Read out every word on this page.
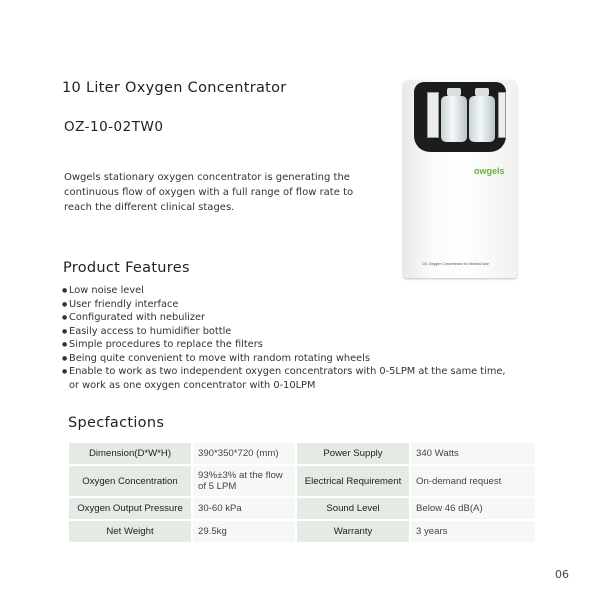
10 Liter Oxygen Concentrator
OZ-10-02TW0
Owgels stationary oxygen concentrator is generating the continuous flow of oxygen with a full range of flow rate to reach the different clinical stages.
Product Features
● Low noise level
● User friendly interface
● Configurated with nebulizer
● Easily access to humidifier bottle
● Simple procedures to replace the filters
● Being quite convenient to move with random rotating wheels
● Enable to work as two independent oxygen concentrators with 0-5LPM at the same time, or work as one oxygen concentrator with 0-10LPM
Specfactions
Dimension(D*W*H)	390*350*720 (mm)	Power Supply	340 Watts
Oxygen Concentration	93%±3% at the flow of 5 LPM	Electrical Requirement	On-demand request
Oxygen Output Pressure	30-60 kPa	Sound Level	Below 46 dB(A)
Net Weight	29.5kg	Warranty	3 years
owgels
10L Oxygen Concentrator for Medical Use
06
